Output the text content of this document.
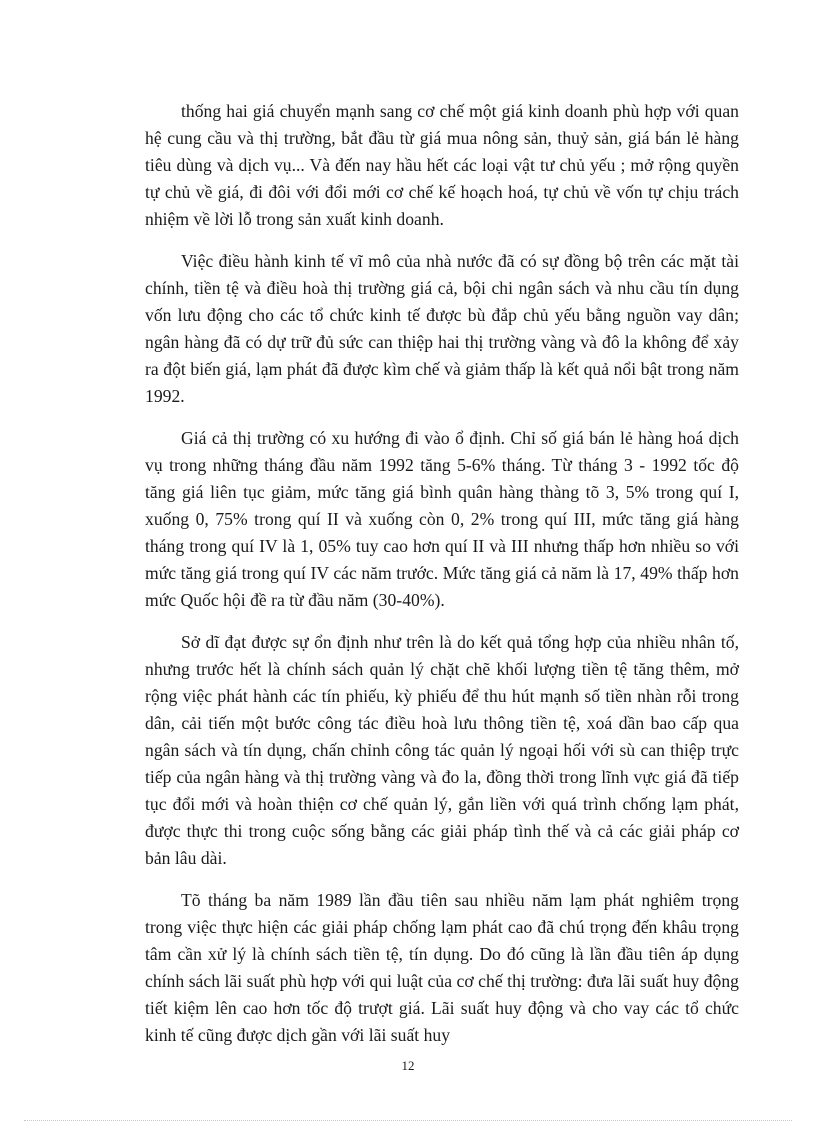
thống hai giá chuyển mạnh sang cơ chế một giá kinh doanh phù hợp với quan hệ cung cầu và thị trường, bắt đầu từ giá mua nông sản, thuỷ sản, giá bán lẻ hàng tiêu dùng và dịch vụ... Và đến nay hầu hết các loại vật tư chủ yếu ; mở rộng quyền tự chủ về giá, đi đôi với đổi mới cơ chế kế hoạch hoá, tự chủ về vốn tự chịu trách nhiệm về lời lỗ trong sản xuất kinh doanh.

Việc điều hành kinh tế vĩ mô của nhà nước đã có sự đồng bộ trên các mặt tài chính, tiền tệ và điều hoà thị trường giá cả, bội chi ngân sách và nhu cầu tín dụng vốn lưu động cho các tổ chức kinh tế được bù đắp chủ yếu bằng nguồn vay dân; ngân hàng đã có dự trữ đủ sức can thiệp hai thị trường vàng và đô la không để xảy ra đột biến giá, lạm phát đã được kìm chế và giảm thấp là kết quả nổi bật trong năm 1992.

Giá cả thị trường có xu hướng đi vào ổ định. Chỉ số giá bán lẻ hàng hoá dịch vụ trong những tháng đầu năm 1992 tăng 5-6% tháng. Từ tháng 3 - 1992 tốc độ tăng giá liên tục giảm, mức tăng giá bình quân hàng thàng tõ 3, 5% trong quí I, xuống 0, 75% trong quí II và xuống còn 0, 2% trong quí III, mức tăng giá hàng tháng trong quí IV là 1, 05% tuy cao hơn quí II và III nhưng thấp hơn nhiều so với mức tăng giá trong quí IV các năm trước. Mức tăng giá cả năm là 17, 49% thấp hơn mức Quốc hội đề ra từ đầu năm (30-40%).

Sở dĩ đạt được sự ổn định như trên là do kết quả tổng hợp của nhiều nhân tố, nhưng trước hết là chính sách quản lý chặt chẽ khối lượng tiền tệ tăng thêm, mở rộng việc phát hành các tín phiếu, kỳ phiếu để thu hút mạnh số tiền nhàn rỗi trong dân, cải tiến một bước công tác điều hoà lưu thông tiền tệ, xoá dần bao cấp qua ngân sách và tín dụng, chấn chỉnh công tác quản lý ngoại hối với sù can thiệp trực tiếp của ngân hàng và thị trường vàng và đo la, đồng thời trong lĩnh vực giá đã tiếp tục đổi mới và hoàn thiện cơ chế quản lý, gắn liền với quá trình chống lạm phát, được thực thi trong cuộc sống bằng các giải pháp tình thế và cả các giải pháp cơ bản lâu dài.

Tõ tháng ba năm 1989 lần đầu tiên sau nhiều năm lạm phát nghiêm trọng trong việc thực hiện các giải pháp chống lạm phát cao đã chú trọng đến khâu trọng tâm cần xử lý là chính sách tiền tệ, tín dụng. Do đó cũng là lần đầu tiên áp dụng chính sách lãi suất phù hợp với qui luật của cơ chế thị trường: đưa lãi suất huy động tiết kiệm lên cao hơn tốc độ trượt giá. Lãi suất huy động và cho vay các tổ chức kinh tế cũng được dịch gần với lãi suất huy

12
